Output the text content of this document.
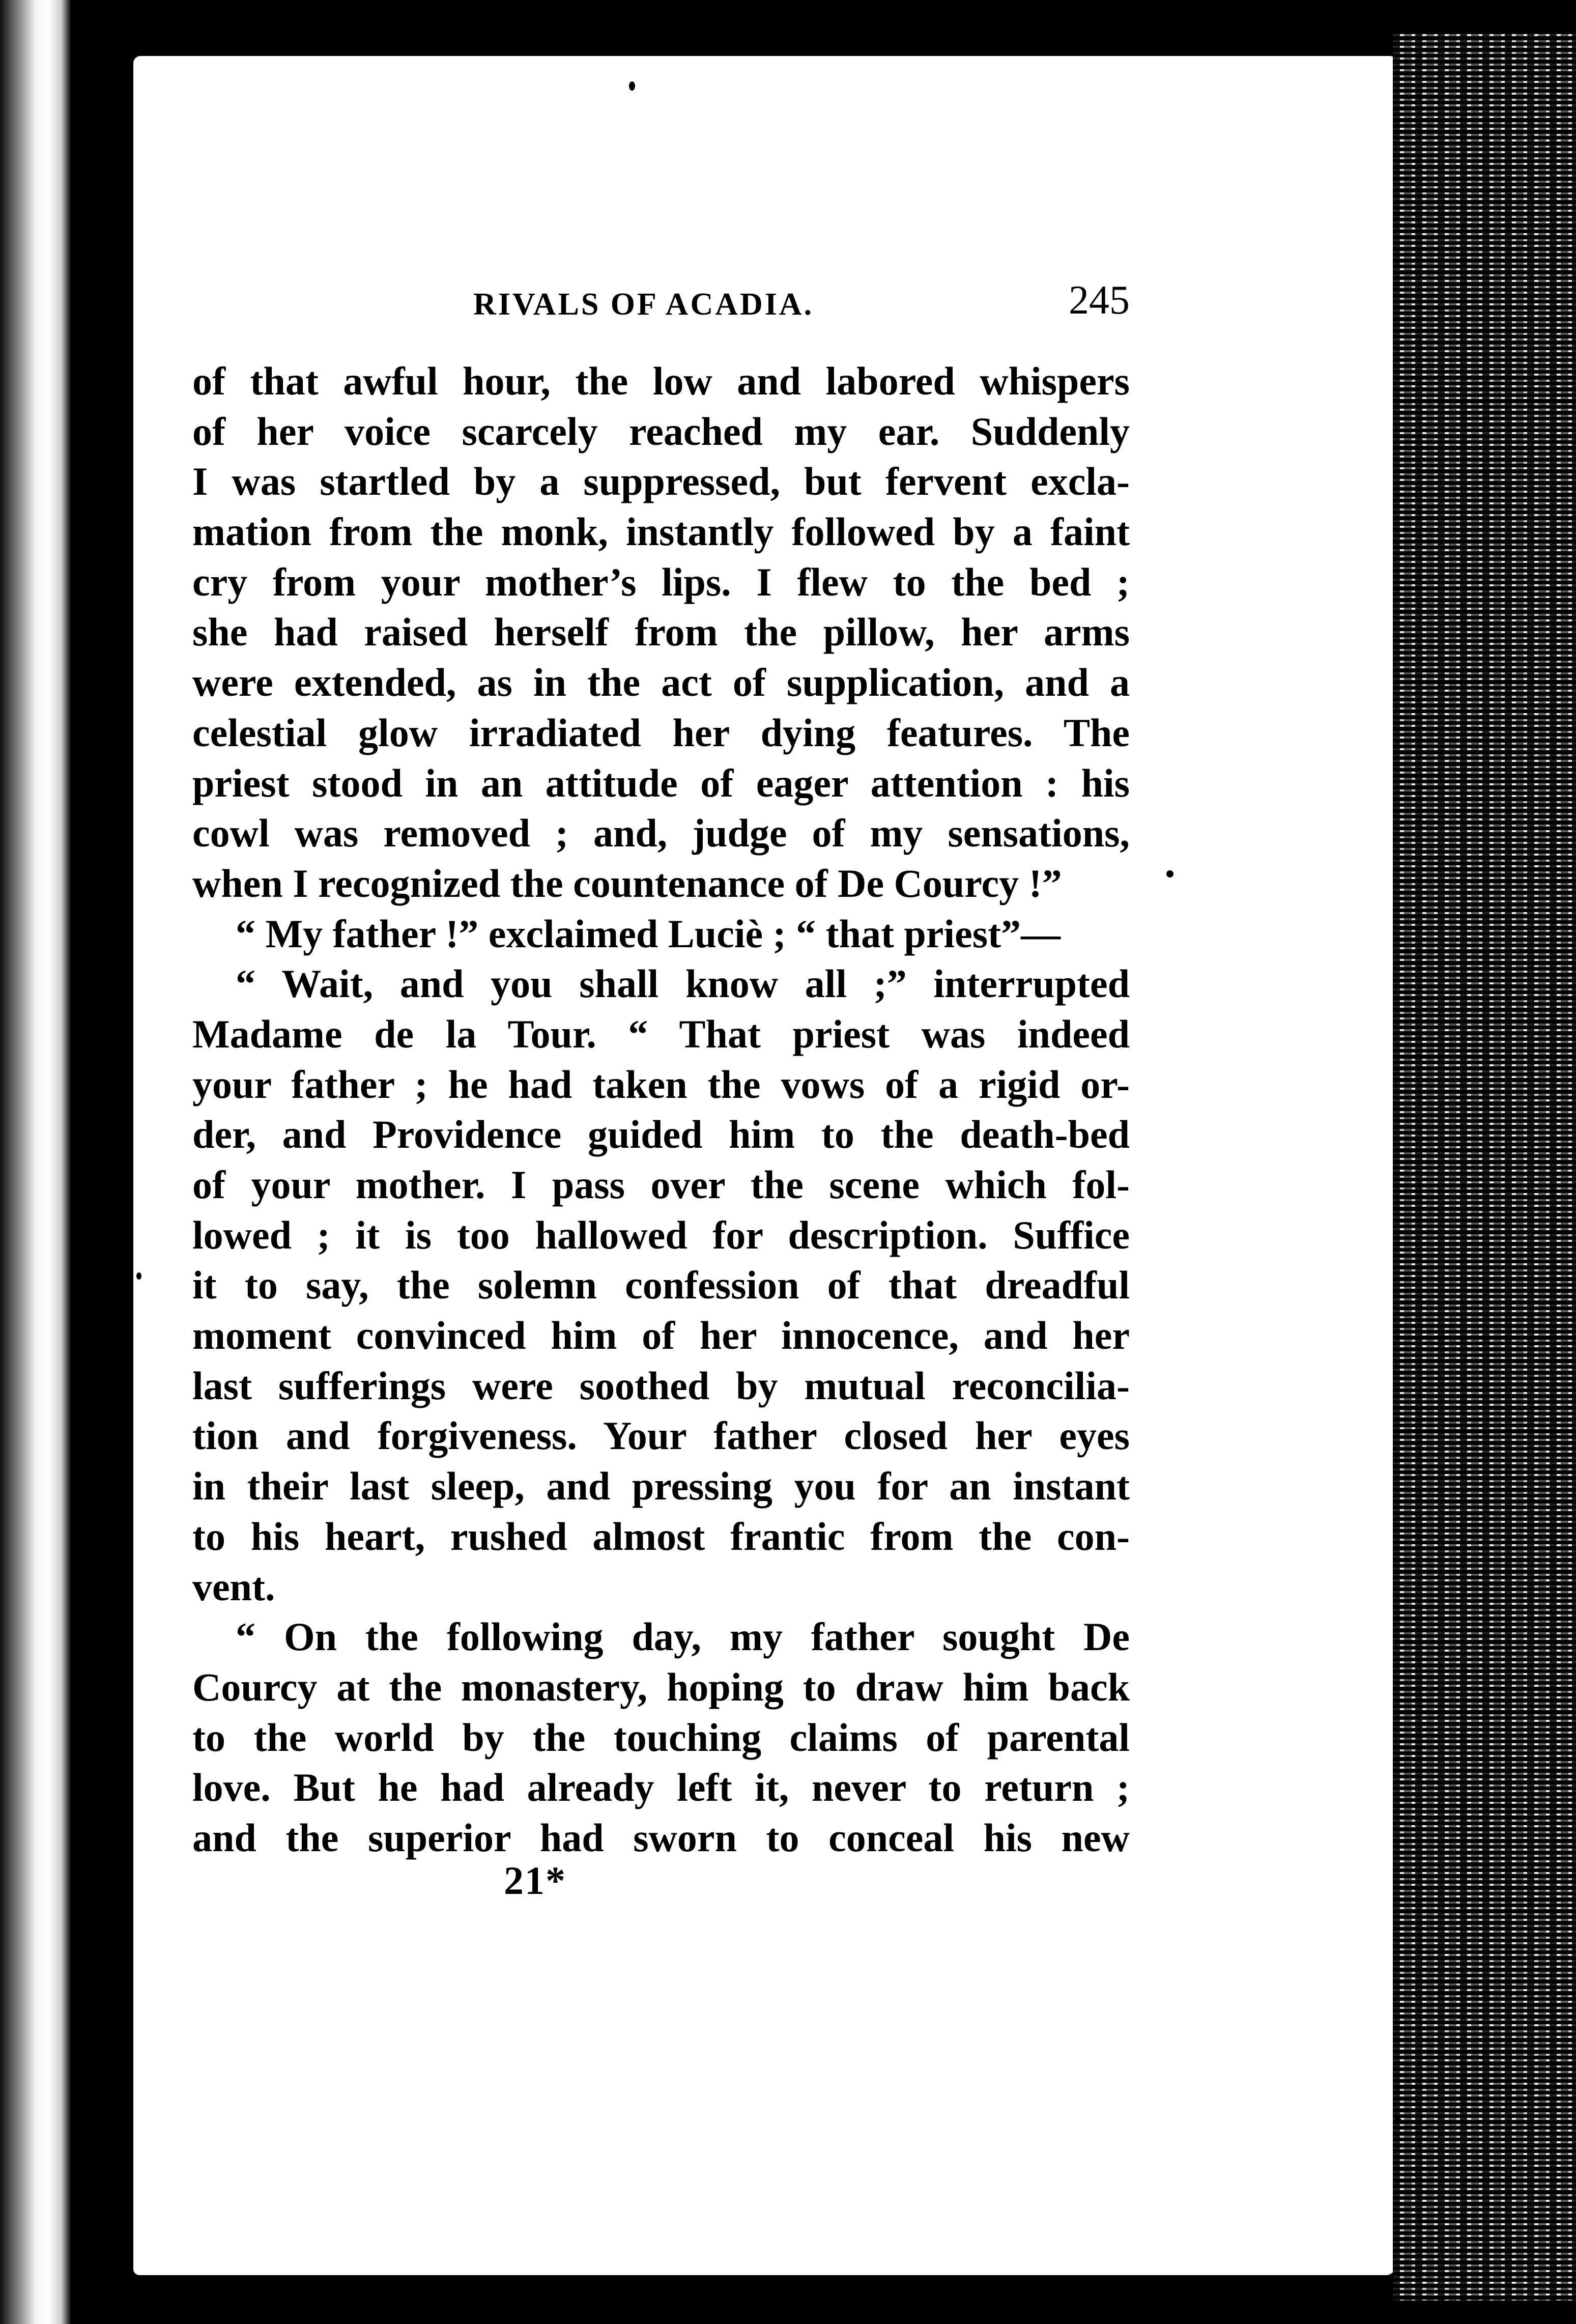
RIVALS OF ACADIA.	245
of that awful hour, the low and labored whispers
of her voice scarcely reached my ear. Suddenly
I was startled by a suppressed, but fervent excla-
mation from the monk, instantly followed by a faint
cry from your mother’s lips. I flew to the bed ;
she had raised herself from the pillow, her arms
were extended, as in the act of supplication, and a
celestial glow irradiated her dying features. The
priest stood in an attitude of eager attention : his
cowl was removed ; and, judge of my sensations,
when I recognized the countenance of De Courcy !”
“ My father !” exclaimed Luciè ; “ that priest”—
“ Wait, and you shall know all ;” interrupted
Madame de la Tour. “ That priest was indeed
your father ; he had taken the vows of a rigid or-
der, and Providence guided him to the death-bed
of your mother. I pass over the scene which fol-
lowed ; it is too hallowed for description. Suffice
it to say, the solemn confession of that dreadful
moment convinced him of her innocence, and her
last sufferings were soothed by mutual reconcilia-
tion and forgiveness. Your father closed her eyes
in their last sleep, and pressing you for an instant
to his heart, rushed almost frantic from the con-
vent.
“ On the following day, my father sought De
Courcy at the monastery, hoping to draw him back
to the world by the touching claims of parental
love. But he had already left it, never to return ;
and the superior had sworn to conceal his new
21*
